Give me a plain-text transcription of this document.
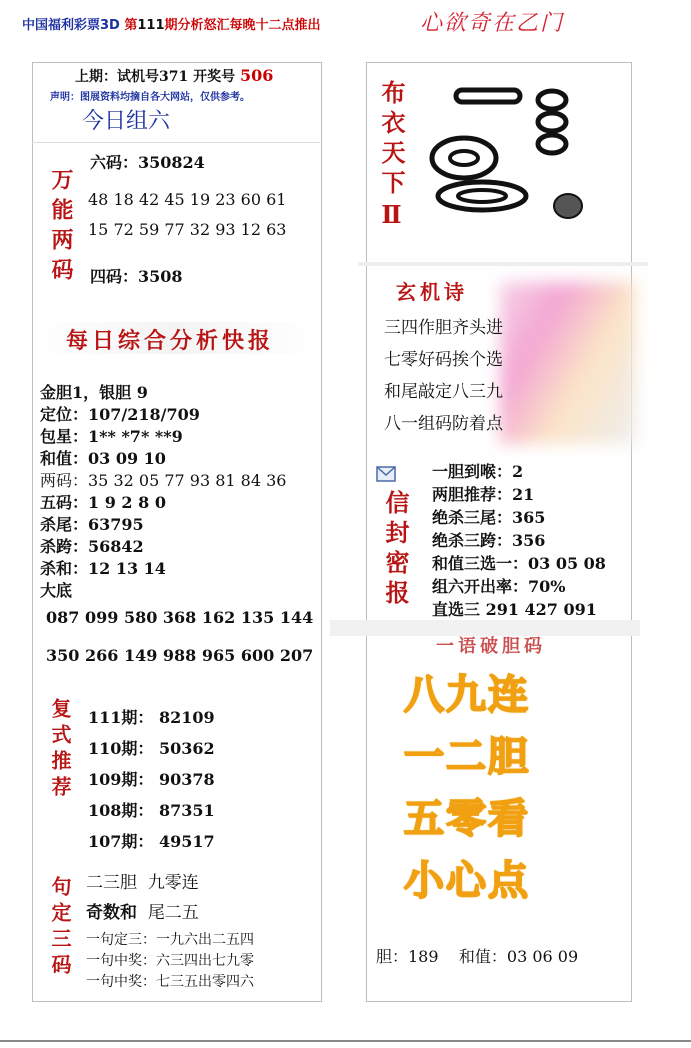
中国福利彩票3D 第111期分析怒汇每晚十二点推出	心欲奇在乙门
上期：试机号371 开奖号 506
声明：图展资料均摘自各大网站，仅供参考。
今日组六
万能两码
六码：350824
48 18 42 45 19 23 60 61
15 72 59 77 32 93 12 63
四码：3508
布衣天下Ⅱ
每日综合分析快报
金胆1，银胆 9
定位：107/218/709
包星：1** *7* **9
和值：03 09 10
两码：35 32 05 77 93 81 84 36
五码：1 9 2 8 0
杀尾：63795
杀跨：56842
杀和：12 13 14
大底
087 099 580 368 162 135 144
350 266 149 988 965 600 207
玄机诗
三四作胆齐头进
七零好码挨个选
和尾敲定八三九
八一组码防着点
信封密报
一胆到喉：2
两胆推荐：21
绝杀三尾：365
绝杀三跨：356
和值三选一：03 05 08
组六开出率：70%
直选三 291 427 091
一语破胆码
八九连
一二胆
五零看
小心点
胆：189    和值：03 06 09
复式推荐 111期： 82109
110期： 50362
109期： 90378
108期： 87351
107期： 49517
句定三码 二三胆 九零连
奇数和 尾二五
一句定三：一九六出二五四
一句中奖：六三四出七九零
一句中奖：七三五出零四六
